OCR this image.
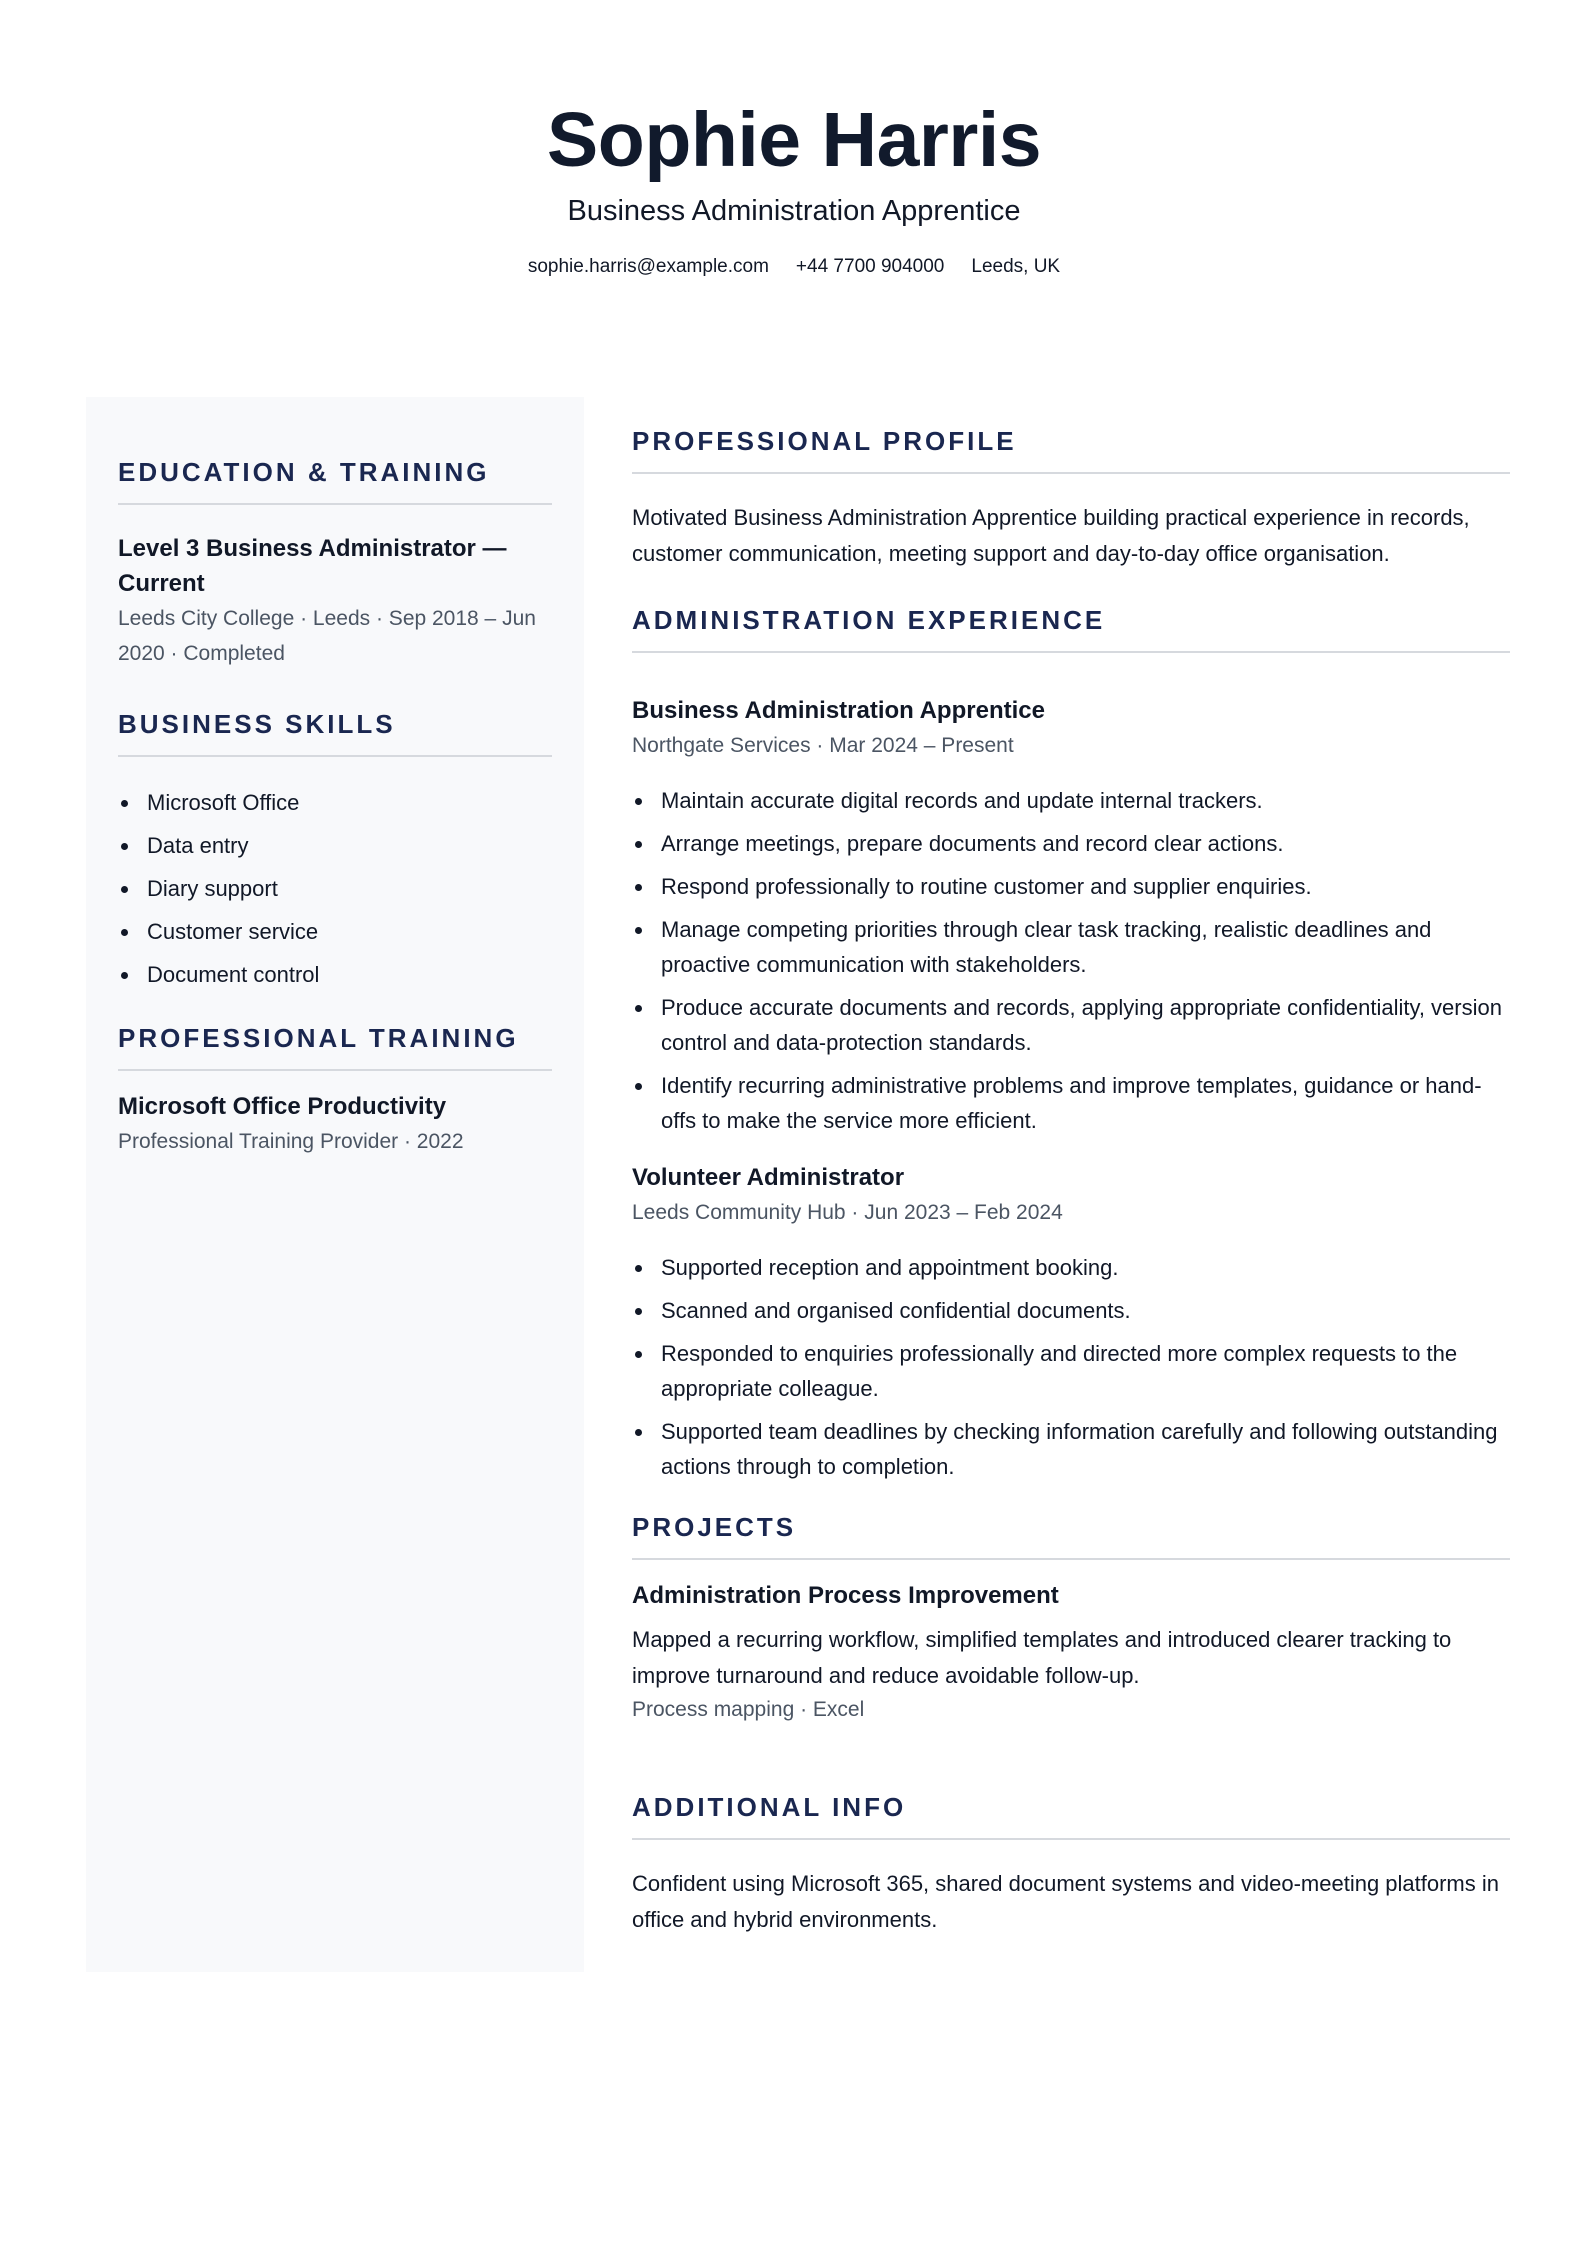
Sophie Harris
Business Administration Apprentice
sophie.harris@example.com +44 7700 904000 Leeds, UK
EDUCATION & TRAINING
Level 3 Business Administrator — Current
Leeds City College · Leeds · Sep 2018 – Jun 2020 · Completed
BUSINESS SKILLS
Microsoft Office
Data entry
Diary support
Customer service
Document control
PROFESSIONAL TRAINING
Microsoft Office Productivity
Professional Training Provider · 2022
PROFESSIONAL PROFILE
Motivated Business Administration Apprentice building practical experience in records, customer communication, meeting support and day-to-day office organisation.
ADMINISTRATION EXPERIENCE
Business Administration Apprentice
Northgate Services · Mar 2024 – Present
Maintain accurate digital records and update internal trackers.
Arrange meetings, prepare documents and record clear actions.
Respond professionally to routine customer and supplier enquiries.
Manage competing priorities through clear task tracking, realistic deadlines and proactive communication with stakeholders.
Produce accurate documents and records, applying appropriate confidentiality, version control and data-protection standards.
Identify recurring administrative problems and improve templates, guidance or hand-offs to make the service more efficient.
Volunteer Administrator
Leeds Community Hub · Jun 2023 – Feb 2024
Supported reception and appointment booking.
Scanned and organised confidential documents.
Responded to enquiries professionally and directed more complex requests to the appropriate colleague.
Supported team deadlines by checking information carefully and following outstanding actions through to completion.
PROJECTS
Administration Process Improvement
Mapped a recurring workflow, simplified templates and introduced clearer tracking to improve turnaround and reduce avoidable follow-up.
Process mapping · Excel
ADDITIONAL INFO
Confident using Microsoft 365, shared document systems and video-meeting platforms in office and hybrid environments.
